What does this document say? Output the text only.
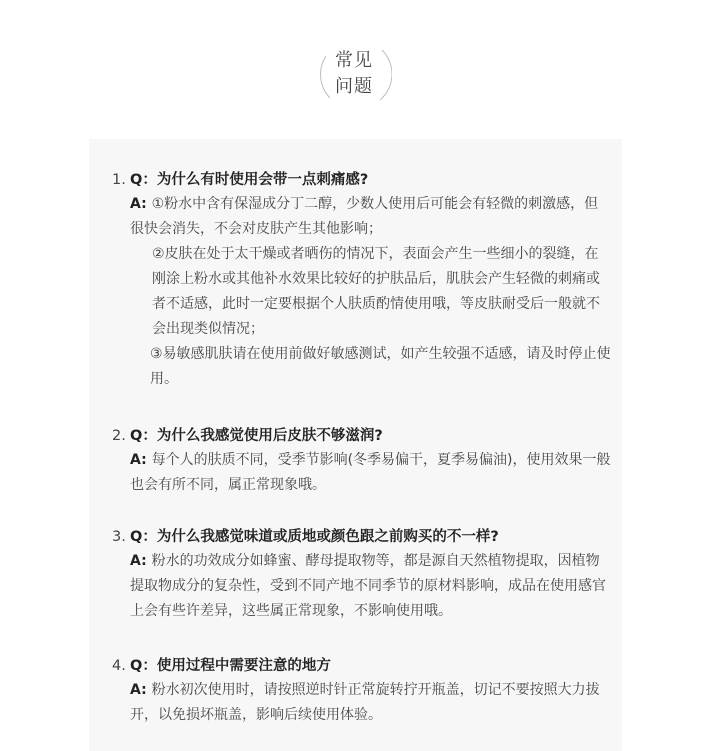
常见
问题
1. Q：为什么有时使用会带一点刺痛感?
A: ①粉水中含有保湿成分丁二醇，少数人使用后可能会有轻微的刺激感，但很快会消失，不会对皮肤产生其他影响；
②皮肤在处于太干燥或者晒伤的情况下，表面会产生一些细小的裂缝，在刚涂上粉水或其他补水效果比较好的护肤品后，肌肤会产生轻微的刺痛或者不适感，此时一定要根据个人肤质酌情使用哦，等皮肤耐受后一般就不会出现类似情况；
③易敏感肌肤请在使用前做好敏感测试，如产生较强不适感，请及时停止使用。
2. Q：为什么我感觉使用后皮肤不够滋润?
A: 每个人的肤质不同，受季节影响(冬季易偏干，夏季易偏油)，使用效果一般也会有所不同，属正常现象哦。
3. Q：为什么我感觉味道或质地或颜色跟之前购买的不一样?
A: 粉水的功效成分如蜂蜜、酵母提取物等，都是源自天然植物提取，因植物提取物成分的复杂性，受到不同产地不同季节的原材料影响，成品在使用感官上会有些许差异，这些属正常现象，不影响使用哦。
4. Q：使用过程中需要注意的地方
A: 粉水初次使用时，请按照逆时针正常旋转拧开瓶盖，切记不要按照大力拔开，以免损坏瓶盖，影响后续使用体验。
